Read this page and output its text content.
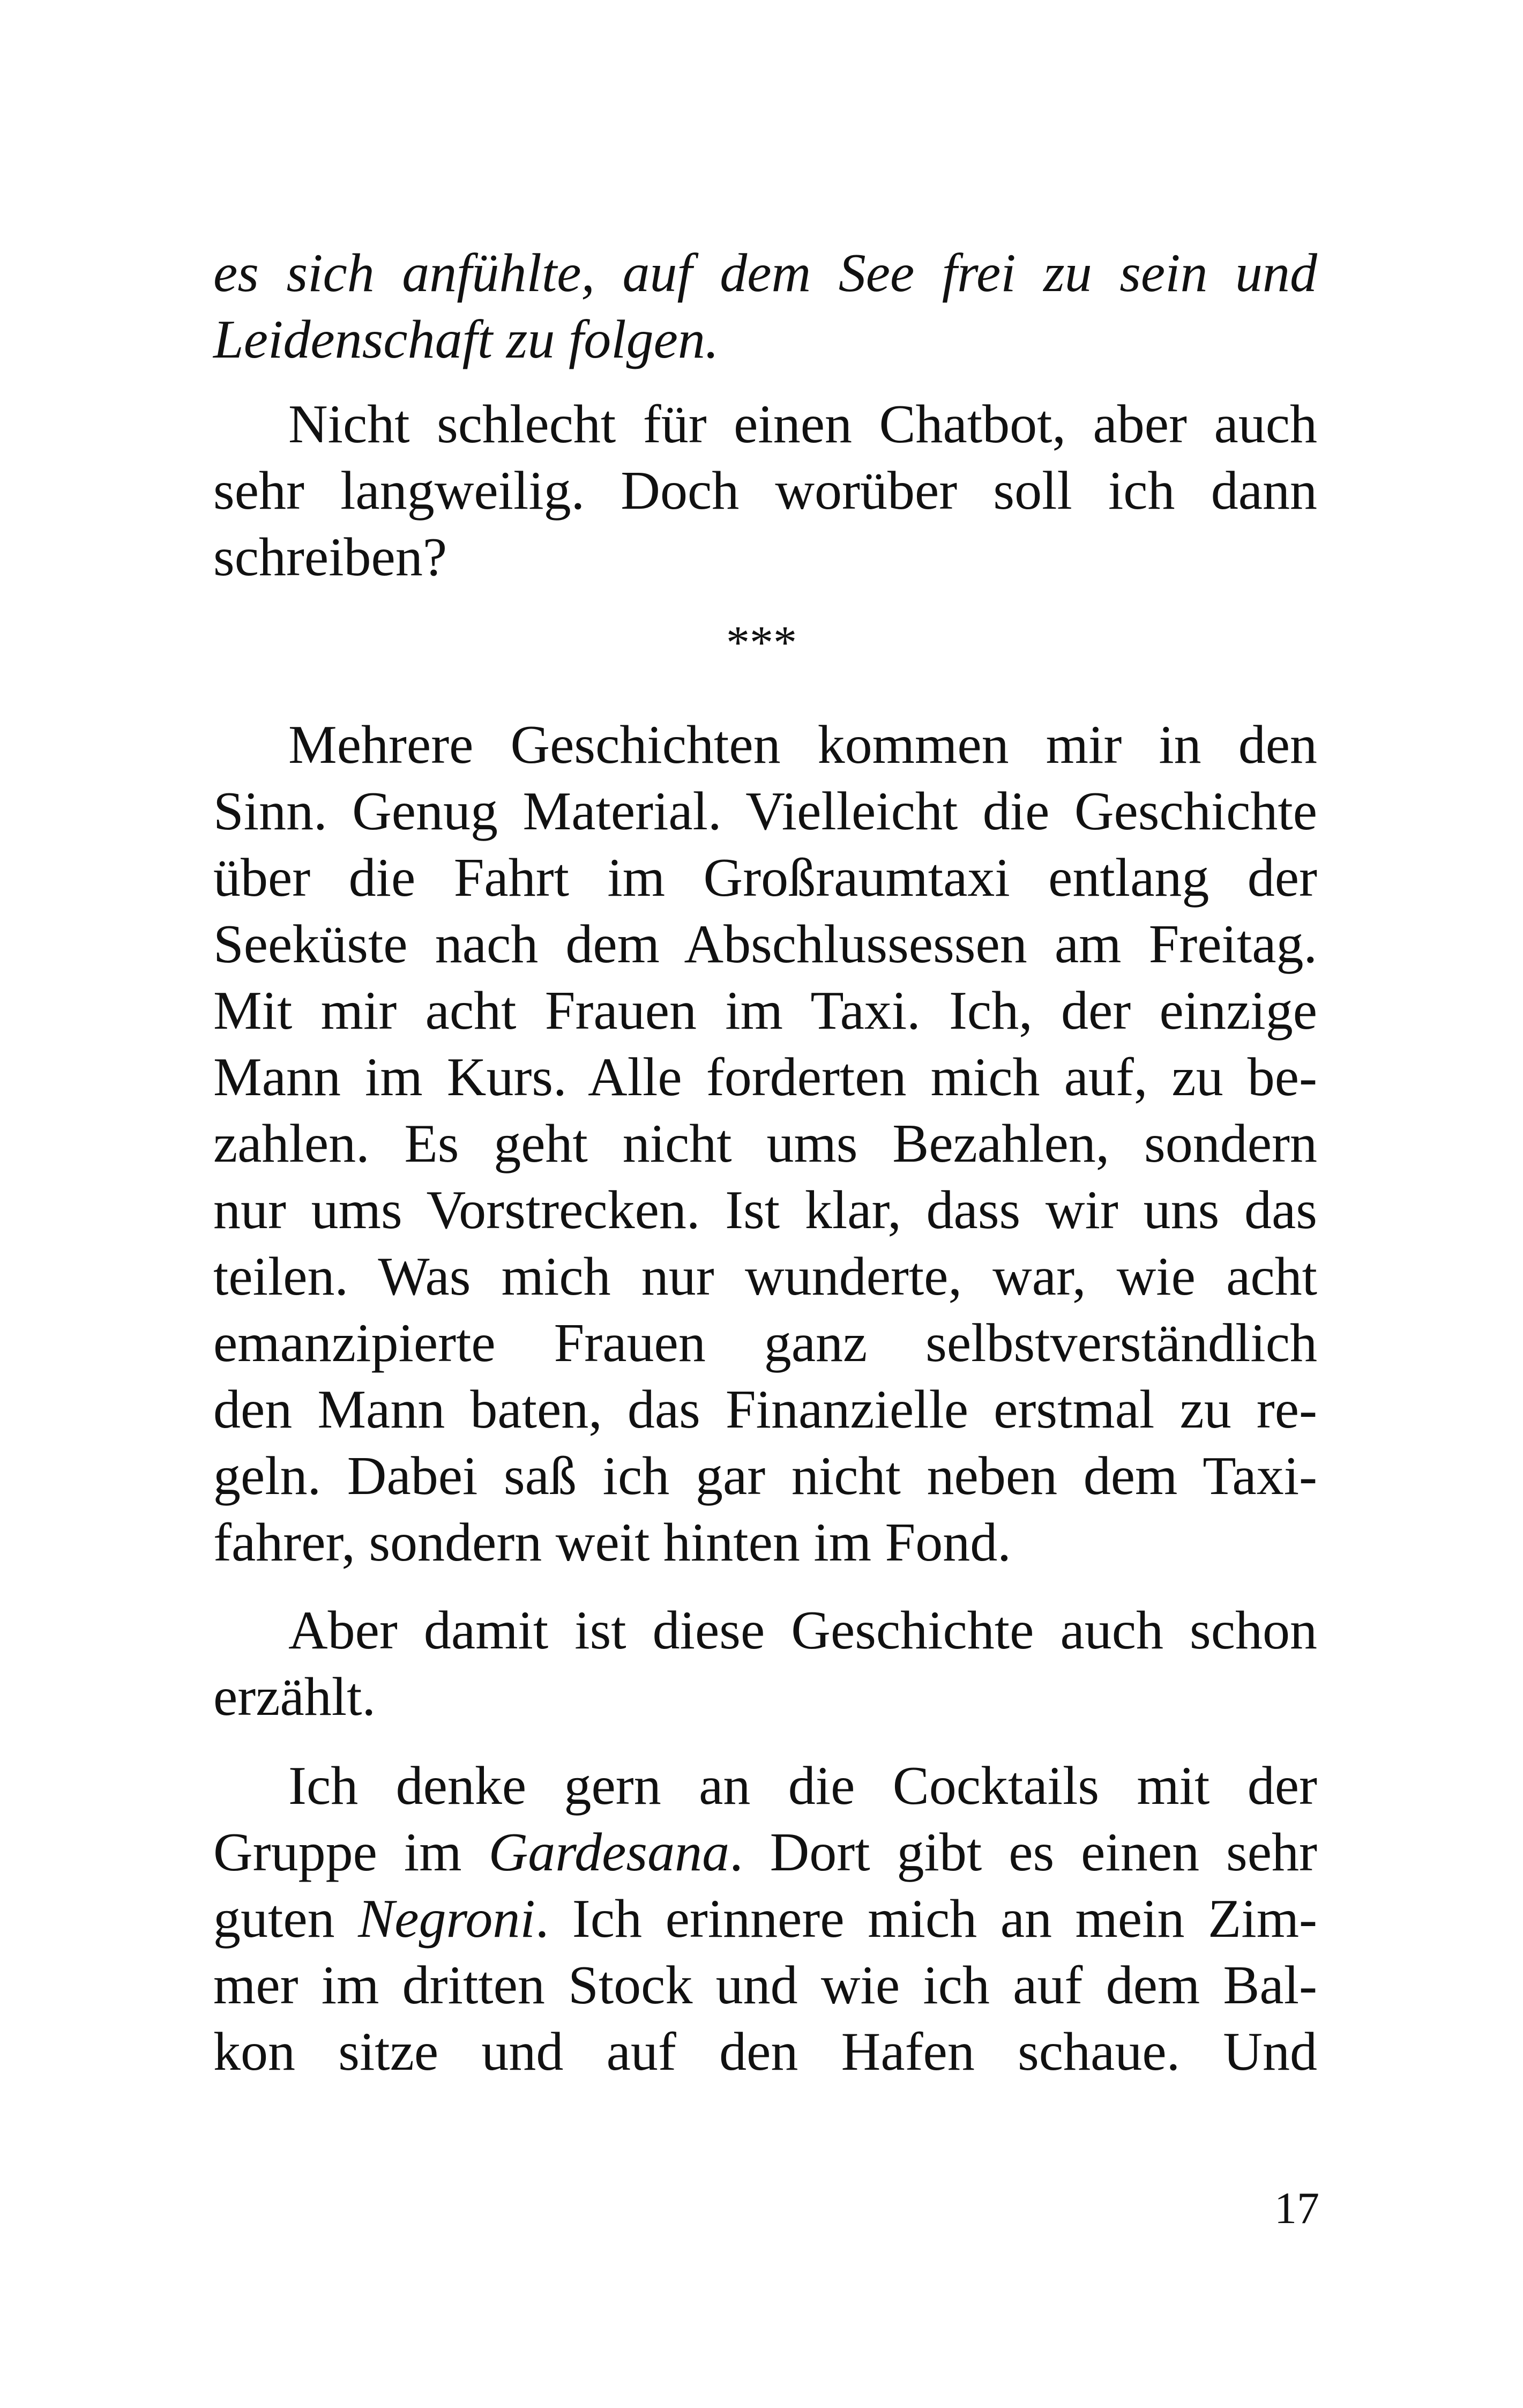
es sich anfühlte, auf dem See frei zu sein und
Leidenschaft zu folgen.
Nicht schlecht für einen Chatbot, aber auch
sehr langweilig. Doch worüber soll ich dann
schreiben?
***
Mehrere Geschichten kommen mir in den
Sinn. Genug Material. Vielleicht die Geschichte
über die Fahrt im Großraumtaxi entlang der
Seeküste nach dem Abschlussessen am Freitag.
Mit mir acht Frauen im Taxi. Ich, der einzige
Mann im Kurs. Alle forderten mich auf, zu be-
zahlen. Es geht nicht ums Bezahlen, sondern
nur ums Vorstrecken. Ist klar, dass wir uns das
teilen. Was mich nur wunderte, war, wie acht
emanzipierte Frauen ganz selbstverständlich
den Mann baten, das Finanzielle erstmal zu re-
geln. Dabei saß ich gar nicht neben dem Taxi-
fahrer, sondern weit hinten im Fond.
Aber damit ist diese Geschichte auch schon
erzählt.
Ich denke gern an die Cocktails mit der
Gruppe im Gardesana. Dort gibt es einen sehr
guten Negroni. Ich erinnere mich an mein Zim-
mer im dritten Stock und wie ich auf dem Bal-
kon sitze und auf den Hafen schaue. Und
17
